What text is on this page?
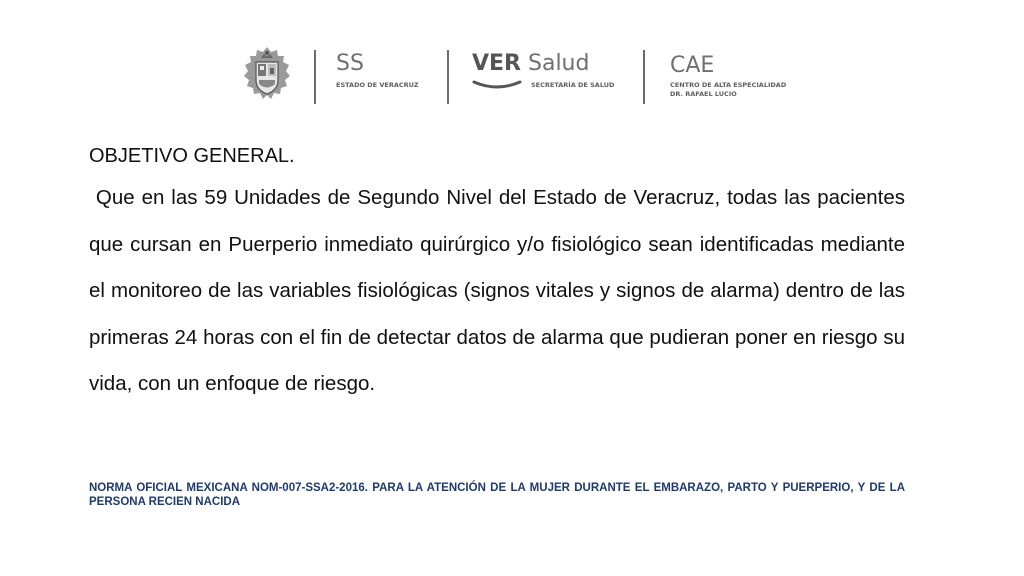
SS
ESTADO DE VERACRUZ
VER Salud
SECRETARÍA DE SALUD
CAE
CENTRO DE ALTA ESPECIALIDAD
DR. RAFAEL LUCIO
OBJETIVO GENERAL.

Que en las 59 Unidades de Segundo Nivel del Estado de Veracruz, todas las pacientes que cursan en Puerperio inmediato quirúrgico y/o fisiológico sean identificadas mediante el monitoreo de las variables fisiológicas (signos vitales y signos de alarma) dentro de las primeras 24 horas con el fin de detectar datos de alarma que pudieran poner en riesgo su vida, con un enfoque de riesgo.

NORMA OFICIAL MEXICANA NOM-007-SSA2-2016. PARA LA ATENCIÓN DE LA MUJER DURANTE EL EMBARAZO, PARTO Y PUERPERIO, Y DE LA PERSONA RECIEN NACIDA
